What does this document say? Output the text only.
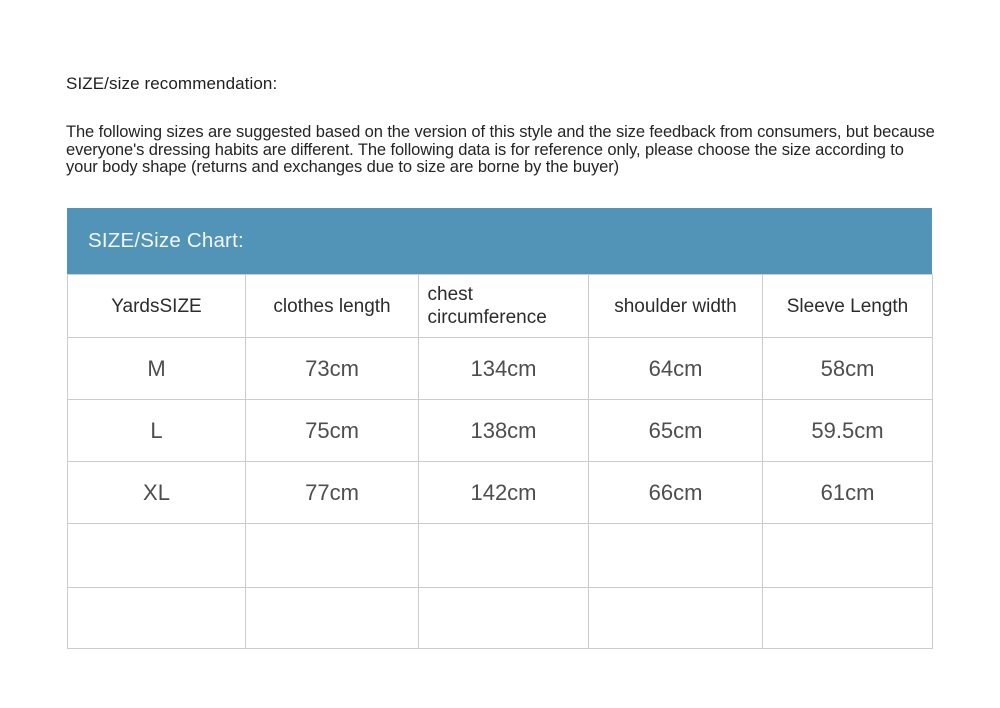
SIZE/size recommendation:
The following sizes are suggested based on the version of this style and the size feedback from consumers, but because everyone's dressing habits are different. The following data is for reference only, please choose the size according to your body shape (returns and exchanges due to size are borne by the buyer)
SIZE/Size Chart:
YardsSIZE	clothes length	chest circumference	shoulder width	Sleeve Length
M	73cm	134cm	64cm	58cm
L	75cm	138cm	65cm	59.5cm
XL	77cm	142cm	66cm	61cm
